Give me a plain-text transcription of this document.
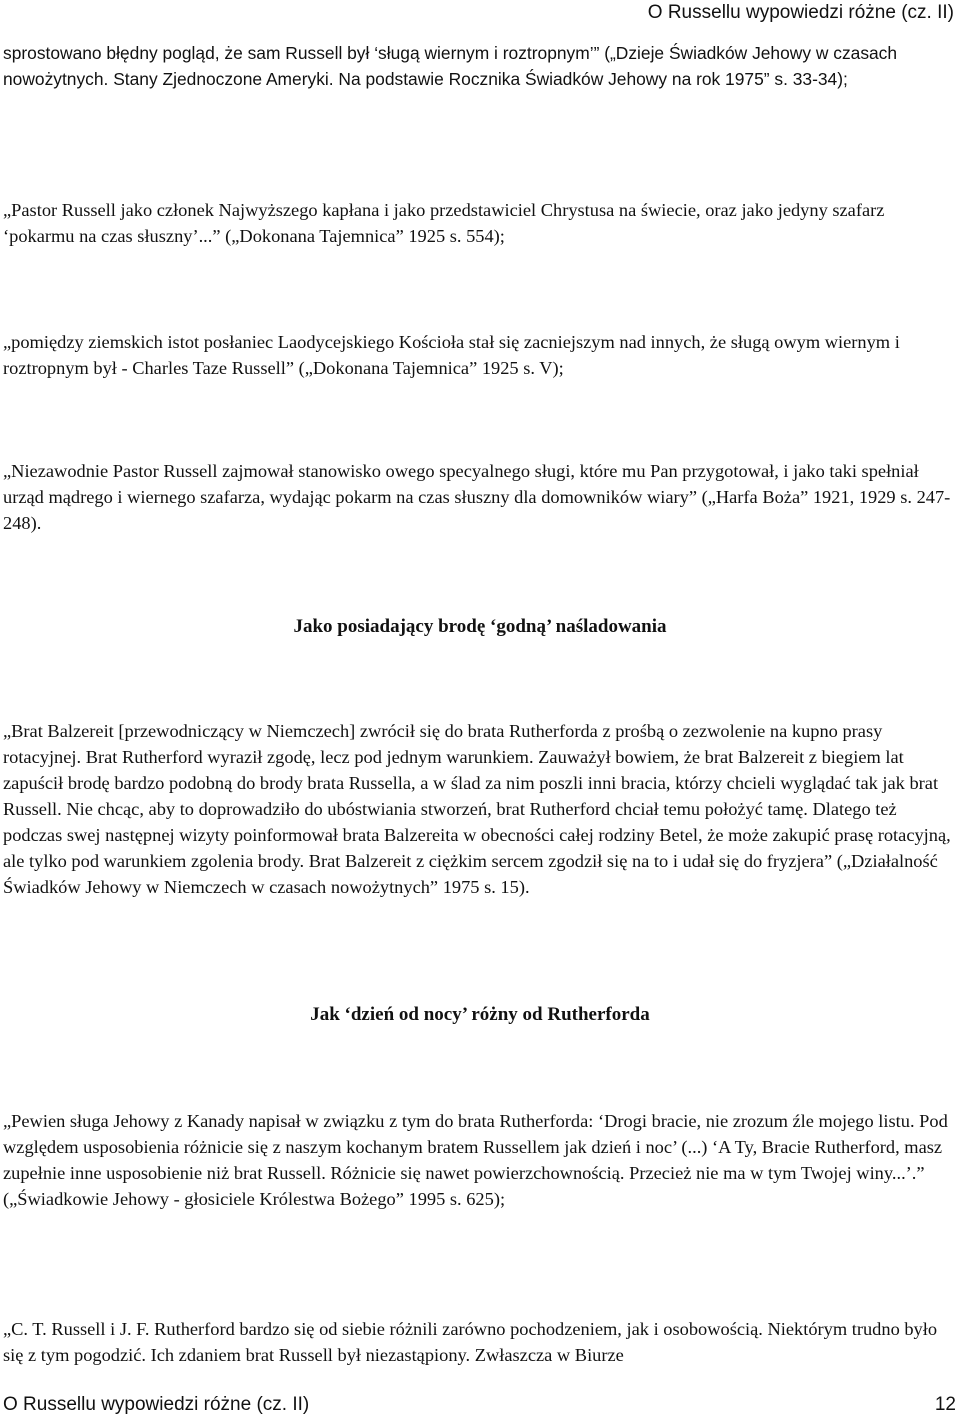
O Russellu wypowiedzi różne (cz. II)

sprostowano błędny pogląd, że sam Russell był ‘sługą wiernym i roztropnym’” („Dzieje Świadków Jehowy w czasach nowożytnych. Stany Zjednoczone Ameryki. Na podstawie Rocznika Świadków Jehowy na rok 1975” s. 33-34);

„Pastor Russell jako członek Najwyższego kapłana i jako przedstawiciel Chrystusa na świecie, oraz jako jedyny szafarz ‘pokarmu na czas słuszny’...” („Dokonana Tajemnica” 1925 s. 554);

„pomiędzy ziemskich istot posłaniec Laodycejskiego Kościoła stał się zacniejszym nad innych, że sługą owym wiernym i roztropnym był - Charles Taze Russell” („Dokonana Tajemnica” 1925 s. V);

„Niezawodnie Pastor Russell zajmował stanowisko owego specyalnego sługi, które mu Pan przygotował, i jako taki spełniał urząd mądrego i wiernego szafarza, wydając pokarm na czas słuszny dla domowników wiary” („Harfa Boża” 1921, 1929 s. 247-248).

Jako posiadający brodę ‘godną’ naśladowania

„Brat Balzereit [przewodniczący w Niemczech] zwrócił się do brata Rutherforda z prośbą o zezwolenie na kupno prasy rotacyjnej. Brat Rutherford wyraził zgodę, lecz pod jednym warunkiem. Zauważył bowiem, że brat Balzereit z biegiem lat zapuścił brodę bardzo podobną do brody brata Russella, a w ślad za nim poszli inni bracia, którzy chcieli wyglądać tak jak brat Russell. Nie chcąc, aby to doprowadziło do ubóstwiania stworzeń, brat Rutherford chciał temu położyć tamę. Dlatego też podczas swej następnej wizyty poinformował brata Balzereita w obecności całej rodziny Betel, że może zakupić prasę rotacyjną, ale tylko pod warunkiem zgolenia brody. Brat Balzereit z ciężkim sercem zgodził się na to i udał się do fryzjera” („Działalność Świadków Jehowy w Niemczech w czasach nowożytnych” 1975 s. 15).

Jak ‘dzień od nocy’ różny od Rutherforda

„Pewien sługa Jehowy z Kanady napisał w związku z tym do brata Rutherforda: ‘Drogi bracie, nie zrozum źle mojego listu. Pod względem usposobienia różnicie się z naszym kochanym bratem Russellem jak dzień i noc’ (...) ‘A Ty, Bracie Rutherford, masz zupełnie inne usposobienie niż brat Russell. Różnicie się nawet powierzchownością. Przecież nie ma w tym Twojej winy...’.” („Świadkowie Jehowy - głosiciele Królestwa Bożego” 1995 s. 625);

„C. T. Russell i J. F. Rutherford bardzo się od siebie różnili zarówno pochodzeniem, jak i osobowością. Niektórym trudno było się z tym pogodzić. Ich zdaniem brat Russell był niezastąpiony. Zwłaszcza w Biurze

O Russellu wypowiedzi różne (cz. II)	12
